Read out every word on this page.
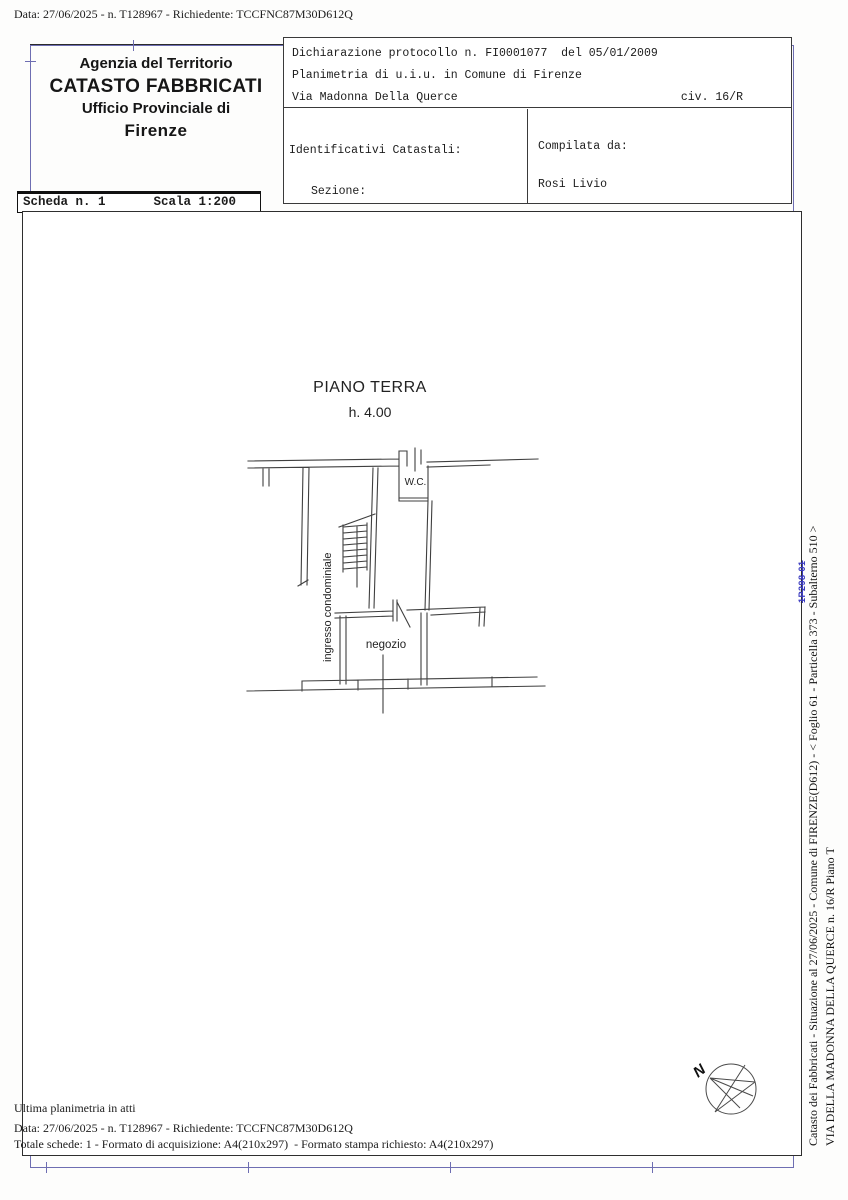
Data: 27/06/2025 - n. T128967 - Richiedente: TCCFNC87M30D612Q
Agenzia del Territorio
CATASTO FABBRICATI
Ufficio Provinciale di
Firenze
Dichiarazione protocollo n. FI0001077  del 05/01/2009
Planimetria di u.i.u. in Comune di Firenze
Via Madonna Della Querce	civ. 16/R

Identificativi Catastali:

Sezione:

Compilata da:

Rosi Livio

Scheda n. 1	Scala 1:200
PIANO TERRA
h. 4.00
W.C.
negozio
ingresso condominiale
N
Ultima planimetria in atti
Data: 27/06/2025 - n. T128967 - Richiedente: TCCFNC87M30D612Q
Totale schede: 1 - Formato di acquisizione: A4(210x297)  - Formato stampa richiesto: A4(210x297)	Catasto dei Fabbricati - Situazione al 27/06/2025 - Comune di FIRENZE(D612) - < Foglio 61 - Particella 373 - Subalterno 510 > VIA DELLA MADONNA DELLA QUERCE n. 16/R Piano T
1P298 01
